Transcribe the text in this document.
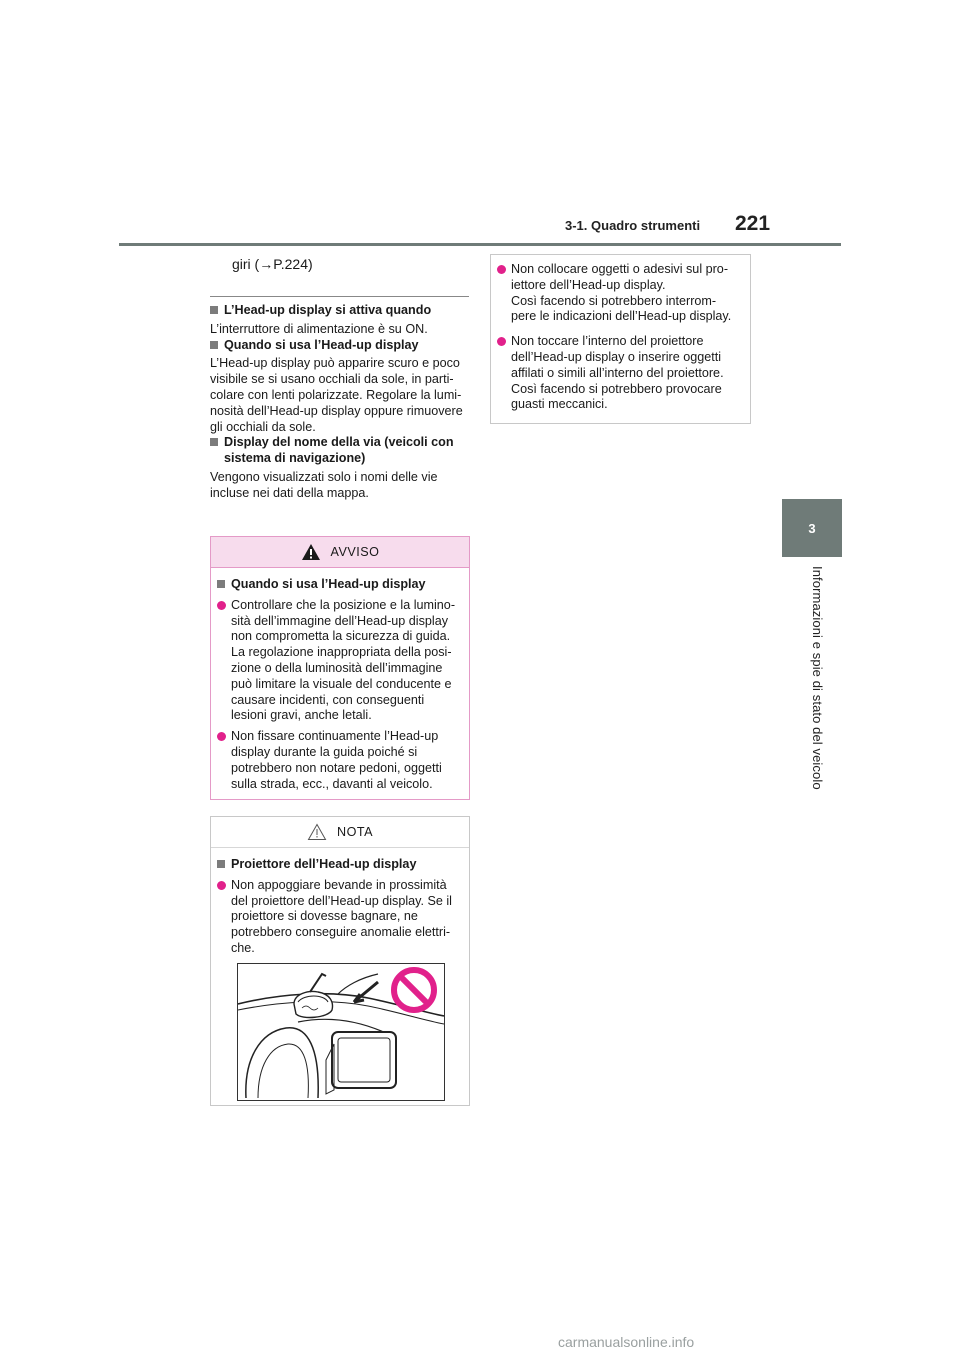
3-1. Quadro strumenti 221
3
Informazioni e spie di stato del veicolo

giri (→P.224)

L’Head-up display si attiva quando

L’interruttore di alimentazione è su ON.

Quando si usa l’Head-up display

L’Head-up display può apparire scuro e poco
visibile se si usano occhiali da sole, in parti-
colare con lenti polarizzate. Regolare la lumi-
nosità dell’Head-up display oppure rimuovere
gli occhiali da sole.

Display del nome della via (veicoli con sistema di navigazione)

Vengono visualizzati solo i nomi delle vie
incluse nei dati della mappa.

AVVISO
Quando si usa l’Head-up display
Controllare che la posizione e la lumino-
sità dell’immagine dell’Head-up display
non comprometta la sicurezza di guida.
La regolazione inappropriata della posi-
zione o della luminosità dell’immagine
può limitare la visuale del conducente e
causare incidenti, con conseguenti
lesioni gravi, anche letali.
Non fissare continuamente l’Head-up
display durante la guida poiché si
potrebbero non notare pedoni, oggetti
sulla strada, ecc., davanti al veicolo.
NOTA
Proiettore dell’Head-up display
Non appoggiare bevande in prossimità
del proiettore dell’Head-up display. Se il
proiettore si dovesse bagnare, ne
potrebbero conseguire anomalie elettri-
che.
Non collocare oggetti o adesivi sul pro-
iettore dell’Head-up display.
Così facendo si potrebbero interrom-
pere le indicazioni dell’Head-up display.
Non toccare l’interno del proiettore
dell’Head-up display o inserire oggetti
affilati o simili all’interno del proiettore.
Così facendo si potrebbero provocare
guasti meccanici.
carmanualsonline.info
